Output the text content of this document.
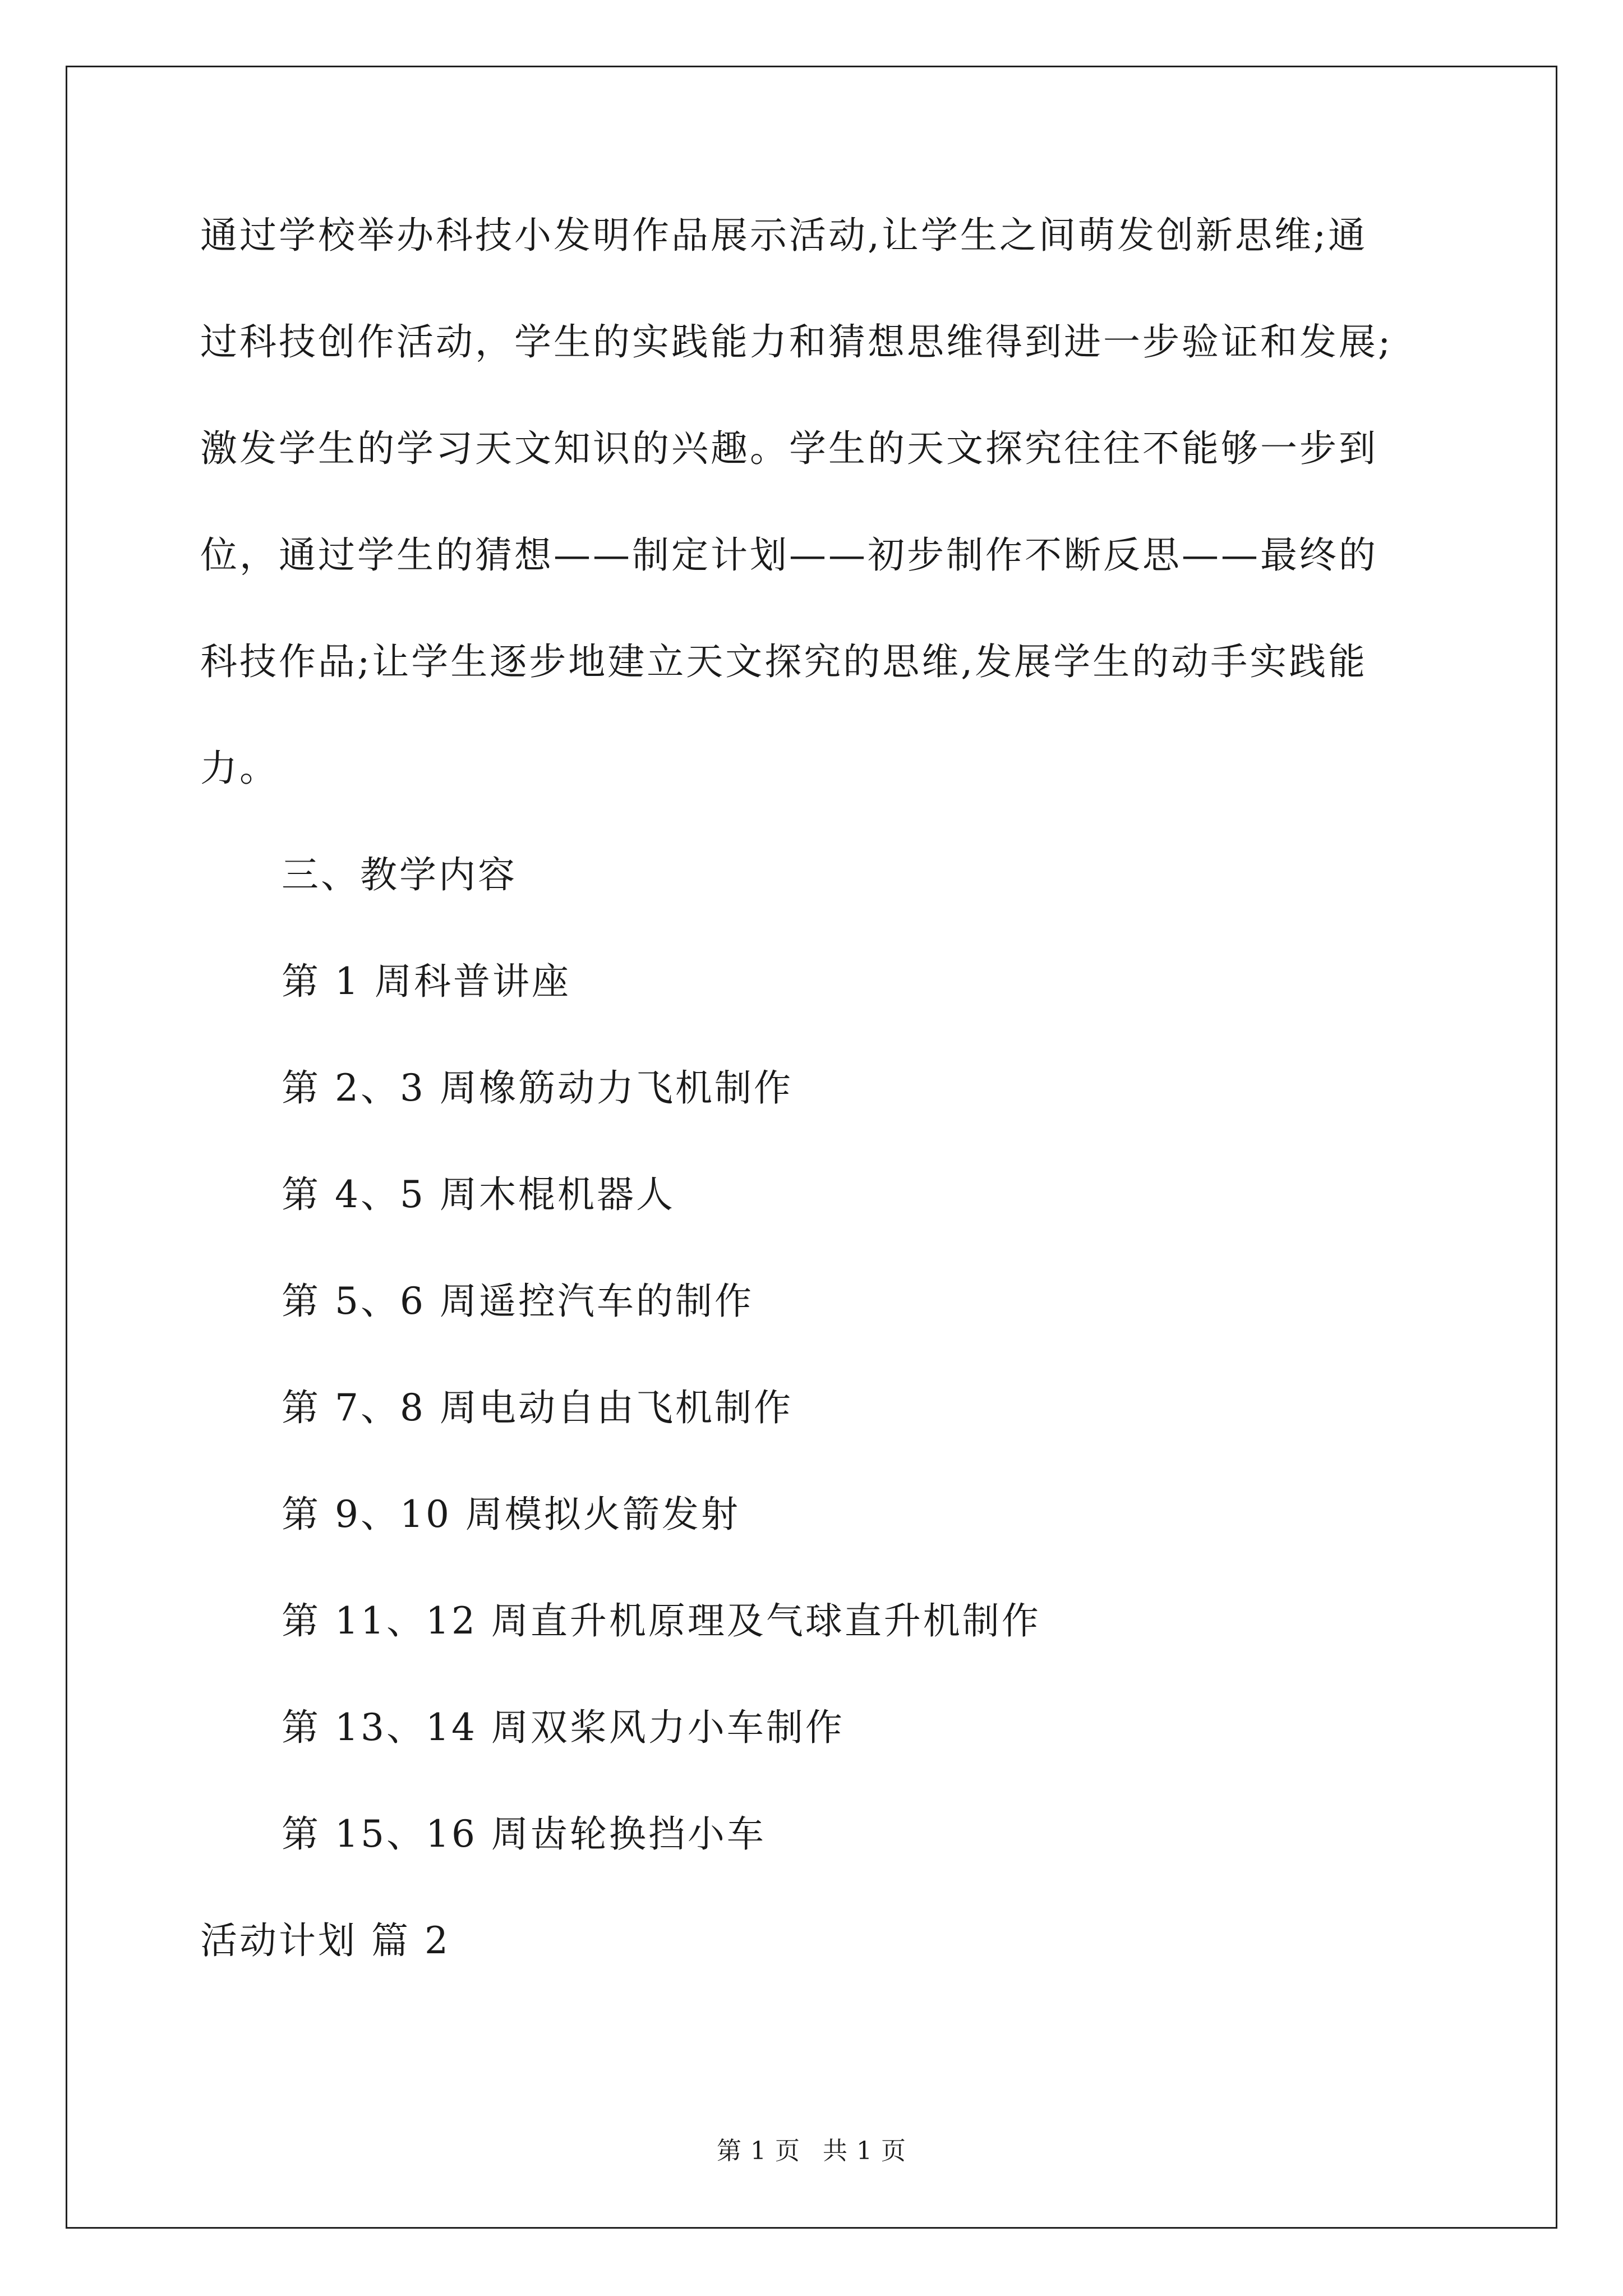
通过学校举办科技小发明作品展示活动,让学生之间萌发创新思维;通
过科技创作活动，学生的实践能力和猜想思维得到进一步验证和发展;
激发学生的学习天文知识的兴趣。学生的天文探究往往不能够一步到
位，通过学生的猜想——制定计划——初步制作不断反思——最终的
科技作品;让学生逐步地建立天文探究的思维,发展学生的动手实践能
力。
三、教学内容
第 1 周科普讲座
第 2、3 周橡筋动力飞机制作
第 4、5 周木棍机器人
第 5、6 周遥控汽车的制作
第 7、8 周电动自由飞机制作
第 9、10 周模拟火箭发射
第 11、12 周直升机原理及气球直升机制作
第 13、14 周双桨风力小车制作
第 15、16 周齿轮换挡小车
活动计划 篇 2
第 1 页 共 1 页
